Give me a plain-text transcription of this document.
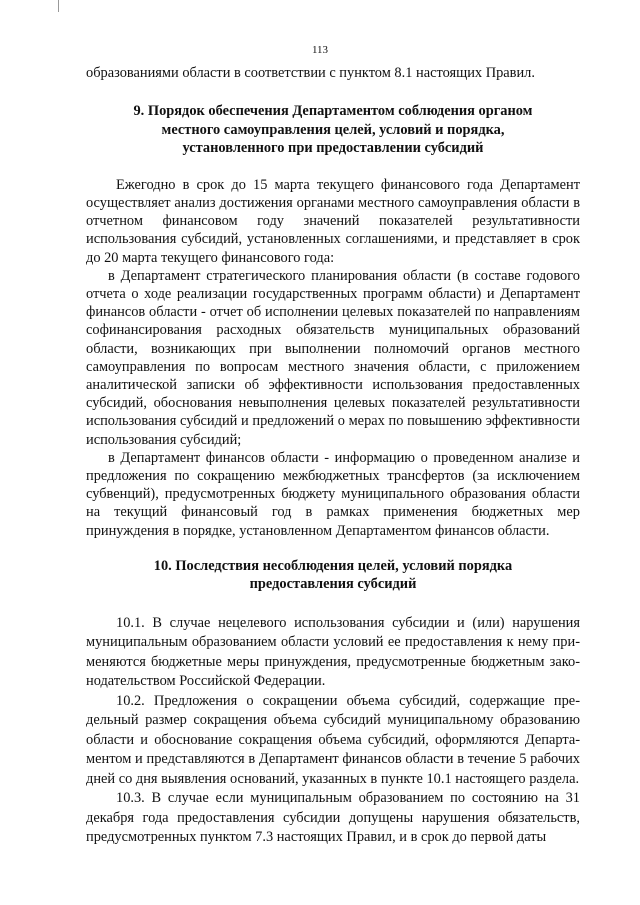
113

образованиями области в соответствии с пунктом 8.1 настоящих Правил.

9. Порядок обеспечения Департаментом соблюдения органом
местного самоуправления целей, условий и порядка,
установленного при предоставлении субсидий

Ежегодно в срок до 15 марта текущего финансового года Департамент осуществляет анализ достижения органами местного самоуправления области в отчетном финансовом году значений показателей результативности использования субсидий, установленных соглашениями, и представляет в срок до 20 марта текущего финансового года:

в Департамент стратегического планирования области (в составе годового отчета о ходе реализации государственных программ области) и Департамент финансов области - отчет об исполнении целевых показателей по направлениям софинансирования расходных обязательств муниципальных образований области, возникающих при выполнении полномочий органов местного самоуправления по вопросам местного значения области, с приложением аналитической записки об эффективности использования предоставленных субсидий, обоснования невыполнения целевых показателей результативности использования субсидий и предложений о мерах по повышению эффективности использования субсидий;

в Департамент финансов области - информацию о проведенном анализе и предложения по сокращению межбюджетных трансфертов (за исключением субвенций), предусмотренных бюджету муниципального образования области на текущий финансовый год в рамках применения бюджетных мер принуждения в порядке, установленном Департаментом финансов области.

10. Последствия несоблюдения целей, условий порядка
предоставления субсидий

10.1. В случае нецелевого использования субсидии и (или) нарушения муниципальным образованием области условий ее предоставления к нему применяются бюджетные меры принуждения, предусмотренные бюджетным законодательством Российской Федерации.

10.2. Предложения о сокращении объема субсидий, содержащие предельный размер сокращения объема субсидий муниципальному образованию области и обоснование сокращения объема субсидий, оформляются Департаментом и представляются в Департамент финансов области в течение 5 рабочих дней со дня выявления оснований, указанных в пункте 10.1 настоящего раздела.

10.3. В случае если муниципальным образованием по состоянию на 31 декабря года предоставления субсидии допущены нарушения обязательств, предусмотренных пунктом 7.3 настоящих Правил, и в срок до первой даты
